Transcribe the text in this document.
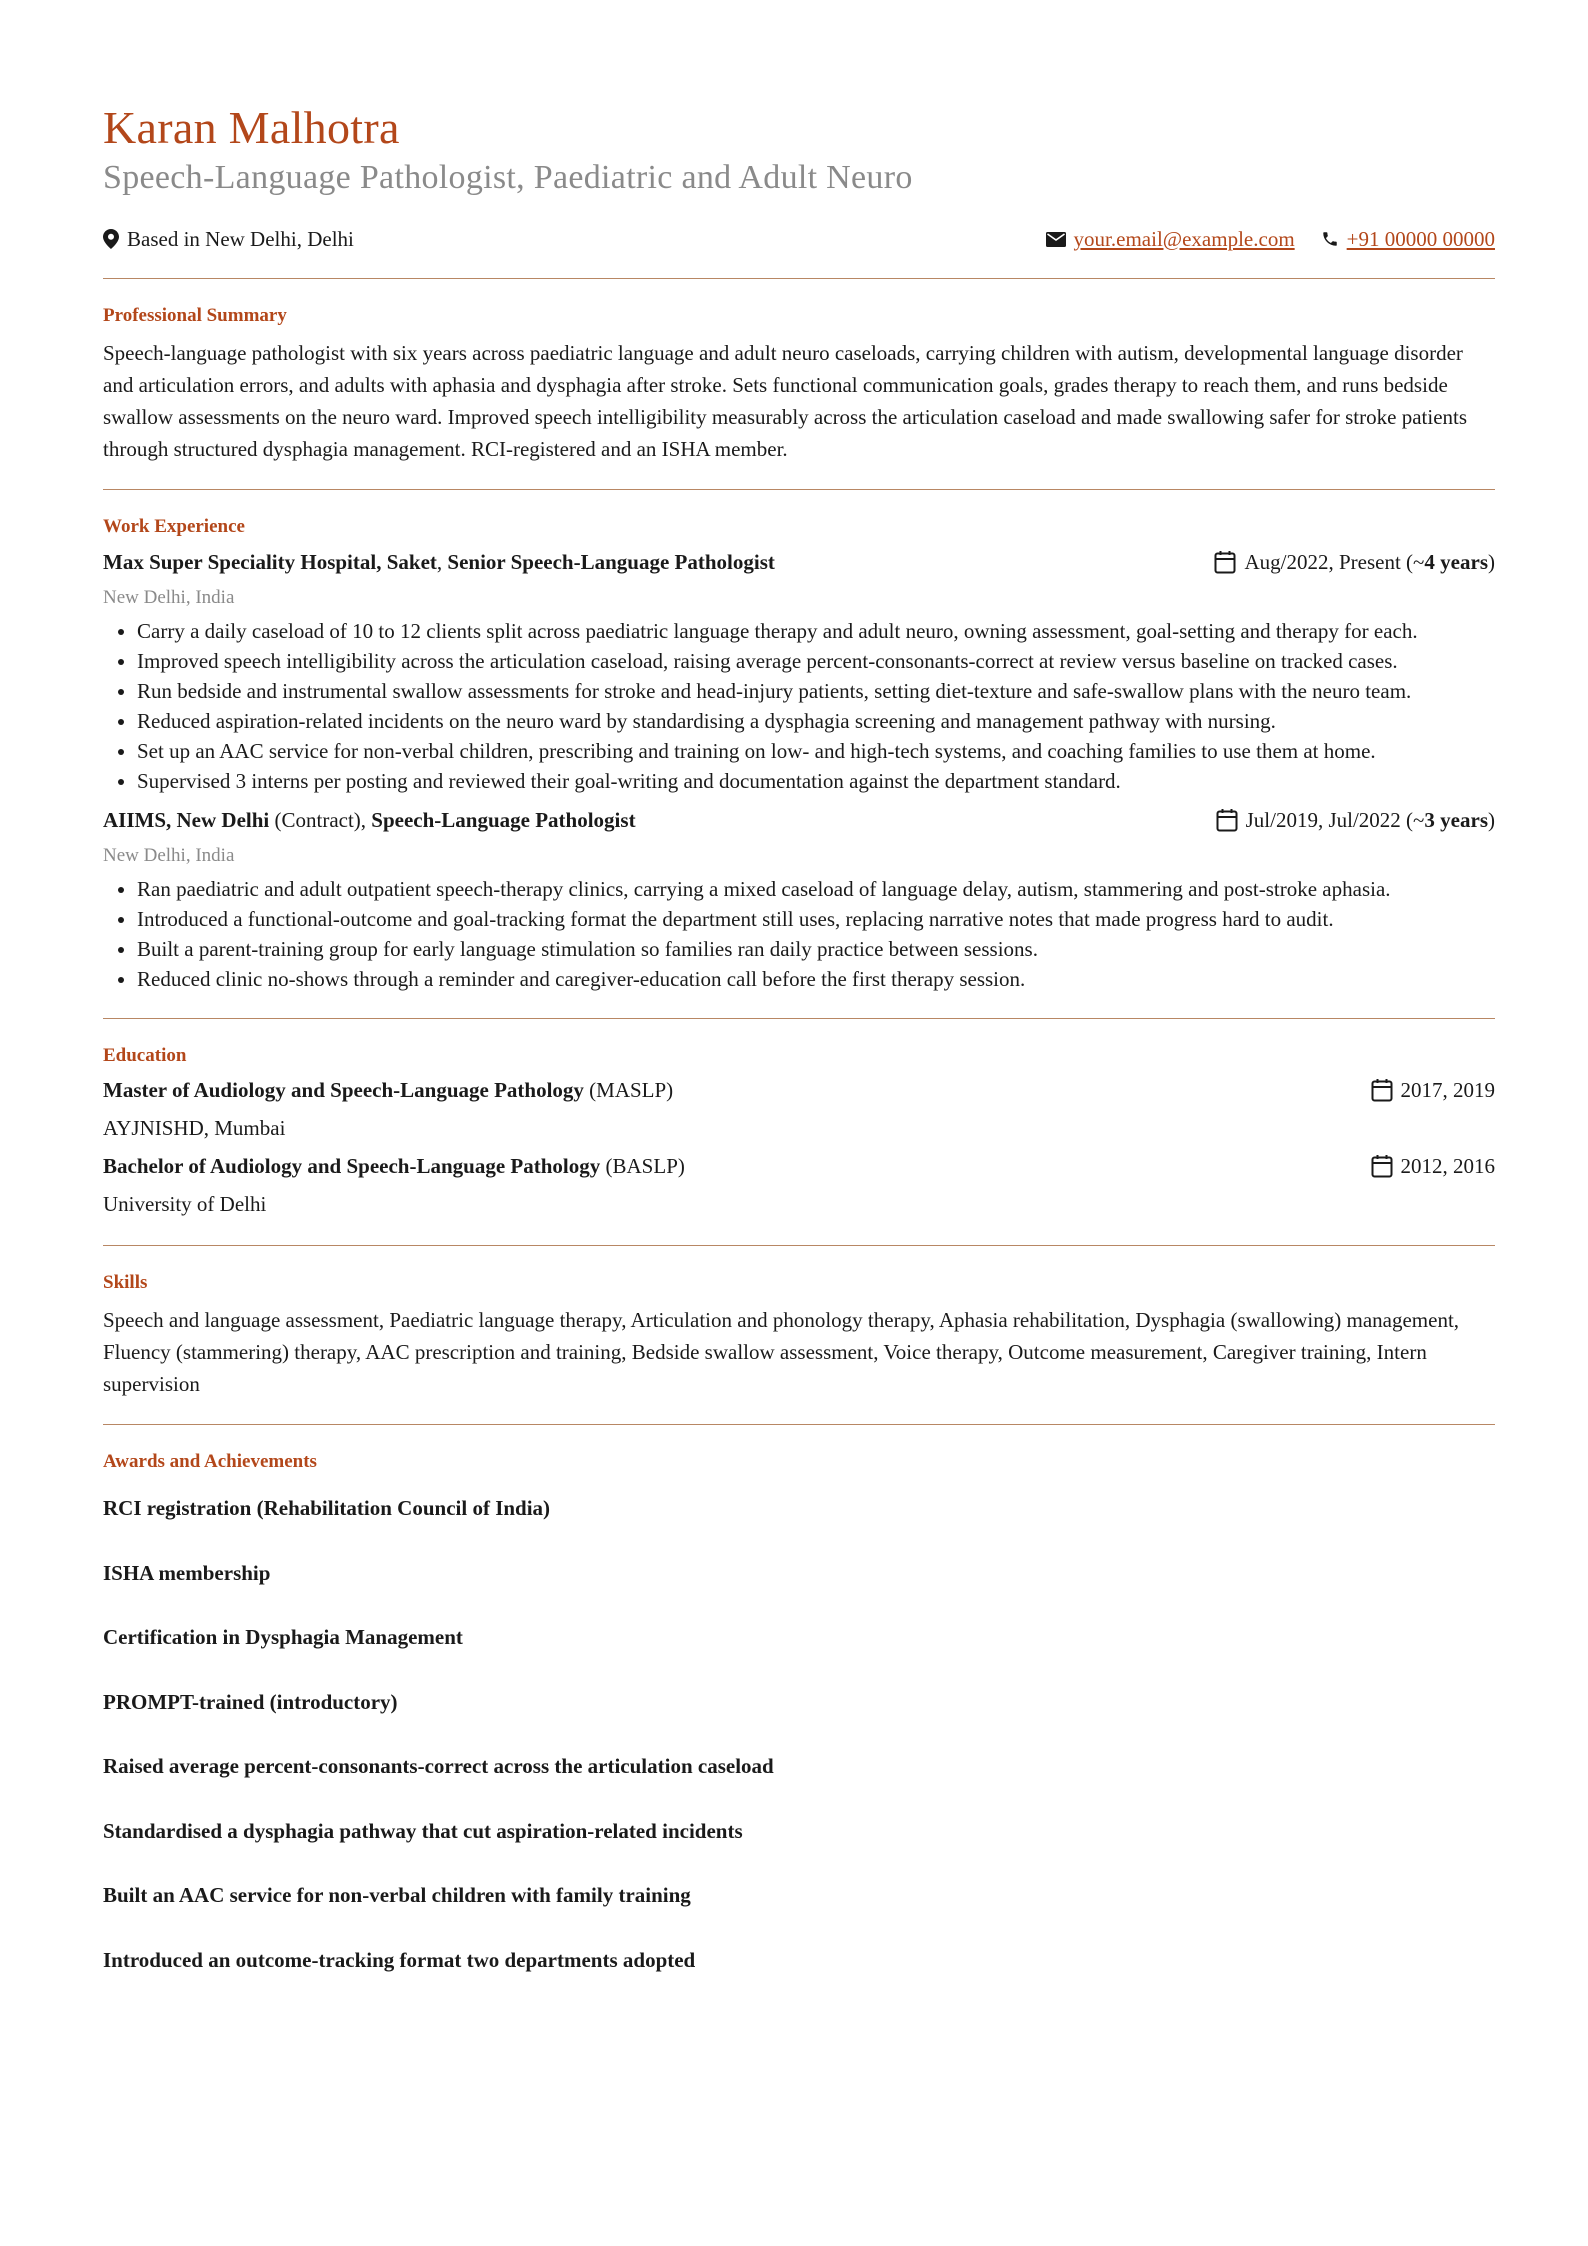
Karan Malhotra
Speech-Language Pathologist, Paediatric and Adult Neuro
Based in New Delhi, Delhi	your.email@example.com +91 00000 00000
Professional Summary

Speech-language pathologist with six years across paediatric language and adult neuro caseloads, carrying children with autism, developmental language disorder and articulation errors, and adults with aphasia and dysphagia after stroke. Sets functional communication goals, grades therapy to reach them, and runs bedside swallow assessments on the neuro ward. Improved speech intelligibility measurably across the articulation caseload and made swallowing safer for stroke patients through structured dysphagia management. RCI-registered and an ISHA member.

Work Experience
Max Super Speciality Hospital, Saket, Senior Speech-Language Pathologist	Aug/2022, Present (~ 4 years )
New Delhi, India
• Carry a daily caseload of 10 to 12 clients split across paediatric language therapy and adult neuro, owning assessment, goal-setting and therapy for each.
• Improved speech intelligibility across the articulation caseload, raising average percent-consonants-correct at review versus baseline on tracked cases.
• Run bedside and instrumental swallow assessments for stroke and head-injury patients, setting diet-texture and safe-swallow plans with the neuro team.
• Reduced aspiration-related incidents on the neuro ward by standardising a dysphagia screening and management pathway with nursing.
• Set up an AAC service for non-verbal children, prescribing and training on low- and high-tech systems, and coaching families to use them at home.
• Supervised 3 interns per posting and reviewed their goal-writing and documentation against the department standard.
AIIMS, New Delhi (Contract), Speech-Language Pathologist	Jul/2019, Jul/2022 (~ 3 years )
New Delhi, India
• Ran paediatric and adult outpatient speech-therapy clinics, carrying a mixed caseload of language delay, autism, stammering and post-stroke aphasia.
• Introduced a functional-outcome and goal-tracking format the department still uses, replacing narrative notes that made progress hard to audit.
• Built a parent-training group for early language stimulation so families ran daily practice between sessions.
• Reduced clinic no-shows through a reminder and caregiver-education call before the first therapy session.
Education
Master of Audiology and Speech-Language Pathology (MASLP)	2017, 2019
AYJNISHD, Mumbai
Bachelor of Audiology and Speech-Language Pathology (BASLP)	2012, 2016
University of Delhi
Skills

Speech and language assessment, Paediatric language therapy, Articulation and phonology therapy, Aphasia rehabilitation, Dysphagia (swallowing) management, Fluency (stammering) therapy, AAC prescription and training, Bedside swallow assessment, Voice therapy, Outcome measurement, Caregiver training, Intern supervision

Awards and Achievements

RCI registration (Rehabilitation Council of India)

ISHA membership

Certification in Dysphagia Management

PROMPT-trained (introductory)

Raised average percent-consonants-correct across the articulation caseload

Standardised a dysphagia pathway that cut aspiration-related incidents

Built an AAC service for non-verbal children with family training

Introduced an outcome-tracking format two departments adopted
